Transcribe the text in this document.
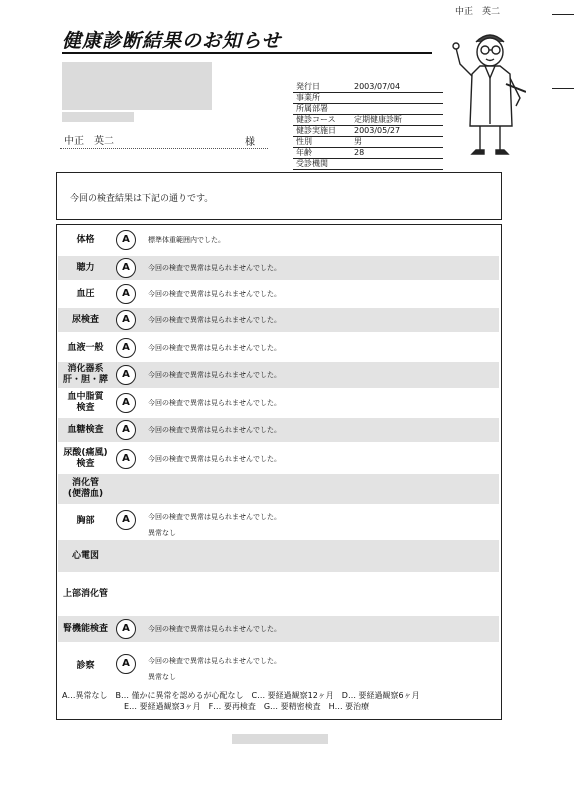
中正　英二
健康診断結果のお知らせ
中正　英二	様
発行日	2003/07/04
事業所	
所属部署	
健診コース	定期健康診断
健診実施日	2003/05/27
性別	男
年齢	28
受診機関	
今回の検査結果は下記の通りです。
体格	A	標準体重範囲内でした。
聴力	A	今回の検査で異常は見られませんでした。
血圧	A	今回の検査で異常は見られませんでした。
尿検査	A	今回の検査で異常は見られませんでした。
血液一般	A	今回の検査で異常は見られませんでした。
消化器系
肝・胆・膵	A	今回の検査で異常は見られませんでした。
血中脂質
検査	A	今回の検査で異常は見られませんでした。
血糖検査	A	今回の検査で異常は見られませんでした。
尿酸(痛風)
検査	A	今回の検査で異常は見られませんでした。
消化管
(便潜血)
胸部	A	今回の検査で異常は見られませんでした。
異常なし
心電図
上部消化管
腎機能検査	A	今回の検査で異常は見られませんでした。
診察	A	今回の検査で異常は見られませんでした。
異常なし
A…異常なし　B… 僅かに異常を認めるが心配なし　C… 要経過観察12ヶ月　D… 要経過観察6ヶ月
E… 要経過観察3ヶ月　F… 要再検査　G… 要精密検査　H… 要治療
